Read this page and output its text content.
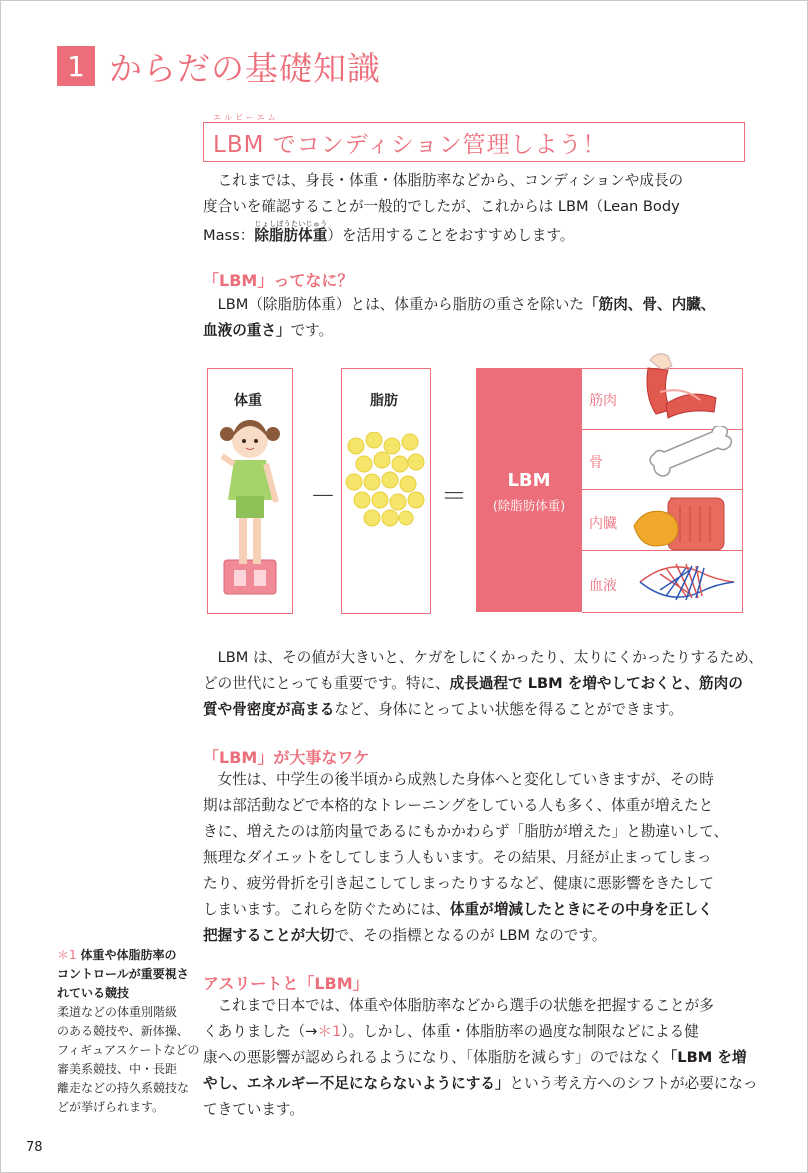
1 からだの基礎知識
エルビーエム
LBM でコンディション管理しよう！

これまでは、身長・体重・体脂肪率などから、コンディションや成長の

度合いを確認することが一般的でしたが、これからは LBM（Lean Body

Mass：除脂肪体重じょしぼうたいじゅう）を活用することをおすすめします。

「LBM」ってなに？

LBM（除脂肪体重）とは、体重から脂肪の重さを除いた「筋肉、骨、内臓、

血液の重さ」です。

体重
－
脂肪
＝
LBM
(除脂肪体重)
筋肉
骨
内臓
血液

LBM は、その値が大きいと、ケガをしにくかったり、太りにくかったりするため、

どの世代にとっても重要です。特に、成長過程で LBM を増やしておくと、筋肉の

質や骨密度が高まるなど、身体にとってよい状態を得ることができます。

「LBM」が大事なワケ

女性は、中学生の後半頃から成熟した身体へと変化していきますが、その時

期は部活動などで本格的なトレーニングをしている人も多く、体重が増えたと

きに、増えたのは筋肉量であるにもかかわらず「脂肪が増えた」と勘違いして、

無理なダイエットをしてしまう人もいます。その結果、月経が止まってしまっ

たり、疲労骨折を引き起こしてしまったりするなど、健康に悪影響をきたして

しまいます。これらを防ぐためには、体重が増減したときにその中身を正しく

把握することが大切で、その指標となるのが LBM なのです。

アスリートと「LBM」

これまで日本では、体重や体脂肪率などから選手の状態を把握することが多

くありました（→＊1）。しかし、体重・体脂肪率の過度な制限などによる健

康への悪影響が認められるようになり、「体脂肪を減らす」のではなく「LBM を増

やし、エネルギー不足にならないようにする」という考え方へのシフトが必要になっ

てきています。

＊1 体重や体脂肪率の

コントロールが重要視さ

れている競技

柔道などの体重別階級

のある競技や、新体操、

フィギュアスケートなどの

審美系競技、中・長距

離走などの持久系競技な

どが挙げられます。

78
